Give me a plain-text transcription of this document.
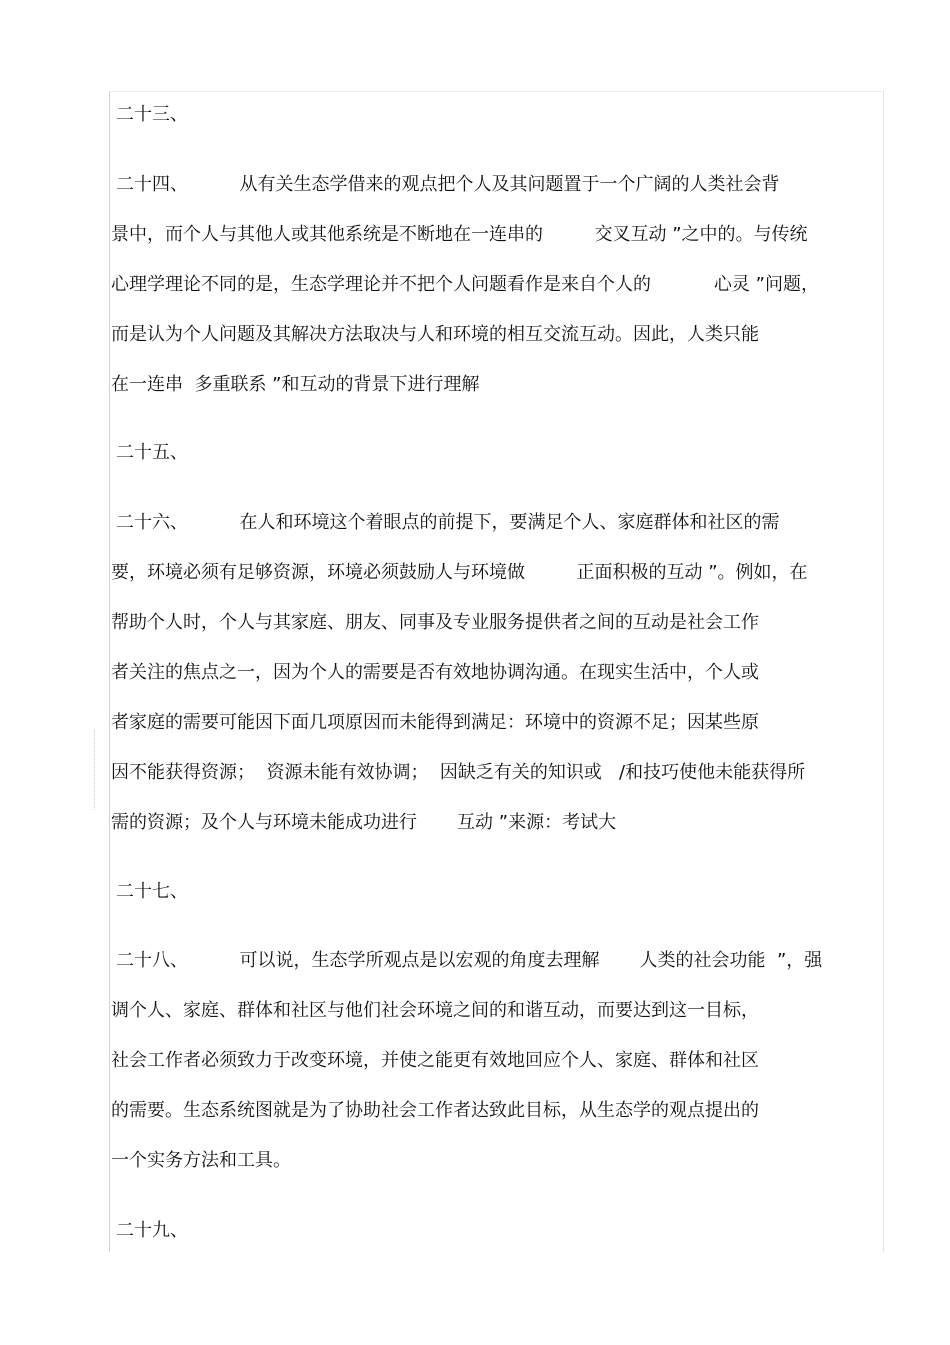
二十三、
二十四、         从有关生态学借来的观点把个人及其问题置于一个广阔的人类社会背
景中，而个人与其他人或其他系统是不断地在一连串的         交叉互动 ”之中的。与传统
心理学理论不同的是，生态学理论并不把个人问题看作是来自个人的           心灵 ”问题，
而是认为个人问题及其解决方法取决与人和环境的相互交流互动。因此，人类只能
在一连串  多重联系 ”和互动的背景下进行理解
二十五、
二十六、         在人和环境这个着眼点的前提下，要满足个人、家庭群体和社区的需
要，环境必须有足够资源，环境必须鼓励人与环境做         正面积极的互动 ”。例如，在
帮助个人时，个人与其家庭、朋友、同事及专业服务提供者之间的互动是社会工作
者关注的焦点之一，因为个人的需要是否有效地协调沟通。在现实生活中，个人或
者家庭的需要可能因下面几项原因而未能得到满足：环境中的资源不足；因某些原
因不能获得资源；  资源未能有效协调；  因缺乏有关的知识或   /和技巧使他未能获得所
需的资源；及个人与环境未能成功进行       互动 ”来源：考试大
二十七、
二十八、         可以说，生态学所观点是以宏观的角度去理解       人类的社会功能  ”，强
调个人、家庭、群体和社区与他们社会环境之间的和谐互动，而要达到这一目标，
社会工作者必须致力于改变环境，并使之能更有效地回应个人、家庭、群体和社区
的需要。生态系统图就是为了协助社会工作者达致此目标，从生态学的观点提出的
一个实务方法和工具。
二十九、
